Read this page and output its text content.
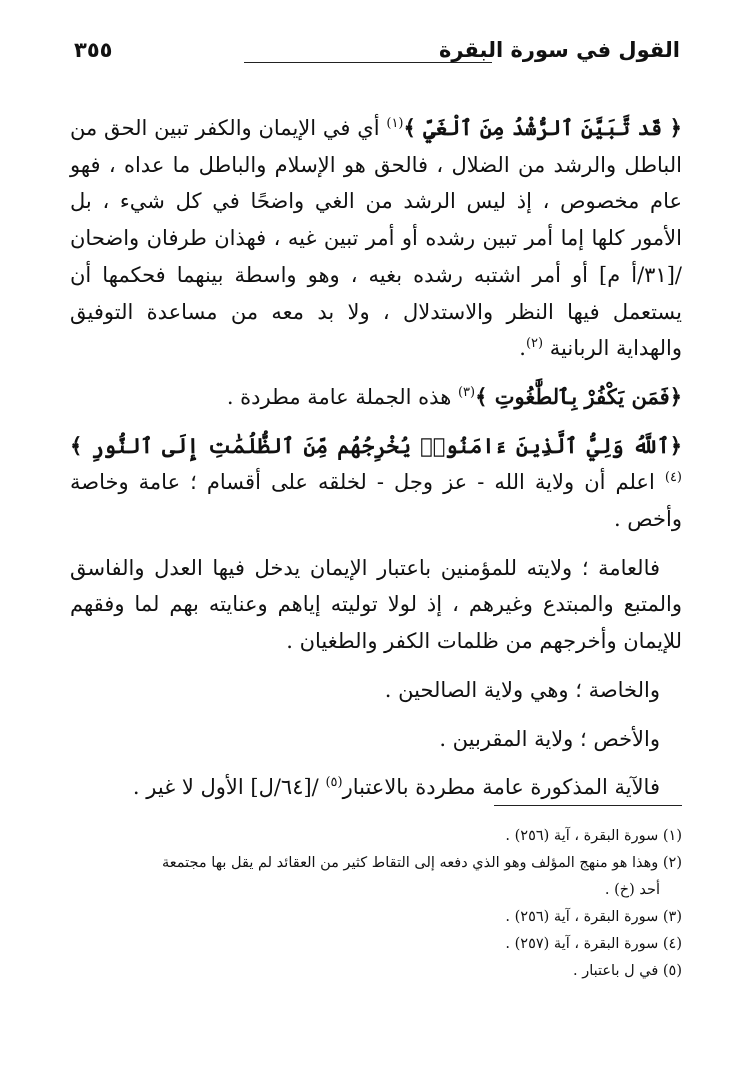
القول في سورة البقرة
٣٥٥

﴿ قَد تَّبَيَّنَ ٱلرُّشْدُ مِنَ ٱلْغَيِّ ﴾$^{(١)}$ أي في الإيمان والكفر تبين الحق من الباطل والرشد من الضلال ، فالحق هو الإسلام والباطل ما عداه ، فهو عام مخصوص ، إذ ليس الرشد من الغي واضحًا في كل شيء ، بل الأمور كلها إما أمر تبين رشده أو أمر تبين غيه ، فهذان طرفان واضحان /[٣١/أ م] أو أمر اشتبه رشده بغيه ، وهو واسطة بينهما فحكمها أن يستعمل فيها النظر والاستدلال ، ولا بد معه من مساعدة التوفيق والهداية الربانية $^{(٢)}$.

﴿فَمَن يَكْفُرْ بِٱلطَّٰغُوتِ ﴾$^{(٣)}$ هذه الجملة عامة مطردة .

﴿ٱللَّهُ وَلِيُّ ٱلَّذِينَ ءَامَنُوا۟ يُخْرِجُهُم مِّنَ ٱلظُّلُمَٰتِ إِلَى ٱلنُّورِ ﴾$^{(٤)}$ اعلم أن ولاية الله - عز وجل - لخلقه على أقسام ؛ عامة وخاصة وأخص .

فالعامة ؛ ولايته للمؤمنين باعتبار الإيمان يدخل فيها العدل والفاسق والمتبع والمبتدع وغيرهم ، إذ لولا توليته إياهم وعنايته بهم لما وفقهم للإيمان وأخرجهم من ظلمات الكفر والطغيان .

والخاصة ؛ وهي ولاية الصالحين .

والأخص ؛ ولاية المقربين .

فالآية المذكورة عامة مطردة بالاعتبار$^{(٥)}$ /[٦٤/ل] الأول لا غير .

(١) سورة البقرة ، آية (٢٥٦) .

(٢) وهذا هو منهج المؤلف وهو الذي دفعه إلى التقاط كثير من العقائد لم يقل بها مجتمعة

أحد (خ) .

(٣) سورة البقرة ، آية (٢٥٦) .

(٤) سورة البقرة ، آية (٢٥٧) .

(٥) في ل باعتبار .
